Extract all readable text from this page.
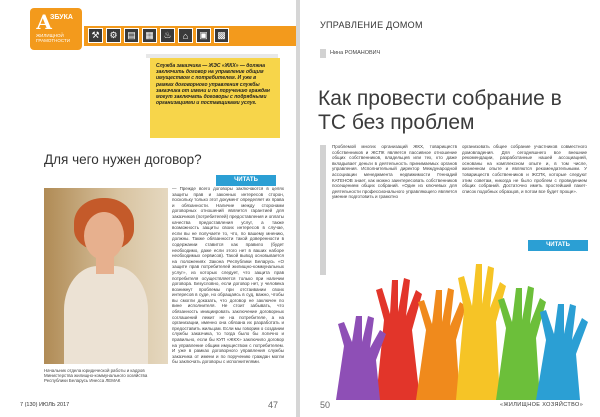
А
ЗБУКА
ЖИЛИЩНОЙ ГРАМОТНОСТИ
⚒	⚙	▤	▦	♨	⌂	▣	▩
Служба заказчика — ЖЭС «ЖКХ» — должна заключить договор на управление общим имуществом с потребителем. И уже в рамках договорного управления службы заказчика от имени и по поручению граждан могут заключать договоры с подрядными организациями и поставщиками услуг.
Для чего нужен договор?
ЧИТАТЬ
Начальник отдела юридической работы и кадров Министерства жилищно-коммунального хозяйства Республики Беларусь Инесса ЛЕМАК
— Прежде всего договоры заключаются в целях защиты прав и законных интересов сторон, поскольку только этот документ определяет их права и обязанности. Наличие между сторонами договорных отношений является гарантией для заказчиков (потребителей) предоставления и оплаты качества предоставления услуг, а также возможность защиты своих интересов в случае, если вы не получаете то, что, по вашему мнению, должны. Также обязанности такой доверенности в содержании ставится как правило (будет необходимо, даже если этого нет в ваших наборе необходимых сервисов). Такой вывод основывается на положениях Закона Республики Беларусь «О защите прав потребителей жилищно-коммунальных услуг», из которых следует, что защита прав потребителя осуществляется только при наличии договора. Безусловно, если договор нет, у человека возникнут проблемы при отстаивании своих интересов в суде, но обращаясь в суд, важно, чтобы вы смогли доказать, что договор не заключен по вине исполнителя. Не стоит забывать, что обязанность инициировать заключение договорных соглашений лежит не на потребителе, а на организации, именно она обязана их разработать и предоставить жильцам. Если мы говорим о создании службы заказчика, то тогда было бы логично и правильно, если бы КУП «ЖКХ» заключило договор на управление общим имуществом с потребителем. И уже в рамках договорного управления службы заказчика от имени и по поручению граждан могли бы заключать договоры с исполнителями.
7 (130) ИЮЛЬ 2017	47
УПРАВЛЕНИЕ ДОМОМ
Нина РОМАНОВИЧ
Как провести собрание в ТС без проблем
Проблемой многих организаций ЖКХ, товариществ собственников и ЖСПК является пассивное отношение общих собственников, владельцев или тех, кто даже вкладывает деньги в деятельность принимаемых органов управления. Исполнительный директор Международной ассоциации менеджмента недвижимости Геннадий КАТЕНОВ знает, как можно заинтересовать собственников посещением общих собраний. «Один из ключевых для деятельности профессионального управляющего является умение подготовить и грамотно
организовать общее собрание участников совместного домовладения. Для сегодняшнего все внешние рекомендации, разработанные нашей ассоциацией, основаны на комплексном опыте и, в том числе, жизненном опыте и являются рекомендательными. У товариществ собственников и ЖСПК, которые следуют этим советам, никогда не было проблем с проведением общих собраний. Достаточно иметь простейший пакет-список подобных образцов, и потом все будет проще».
ЧИТАТЬ
50	«ЖИЛИЩНОЕ ХОЗЯЙСТВО»
